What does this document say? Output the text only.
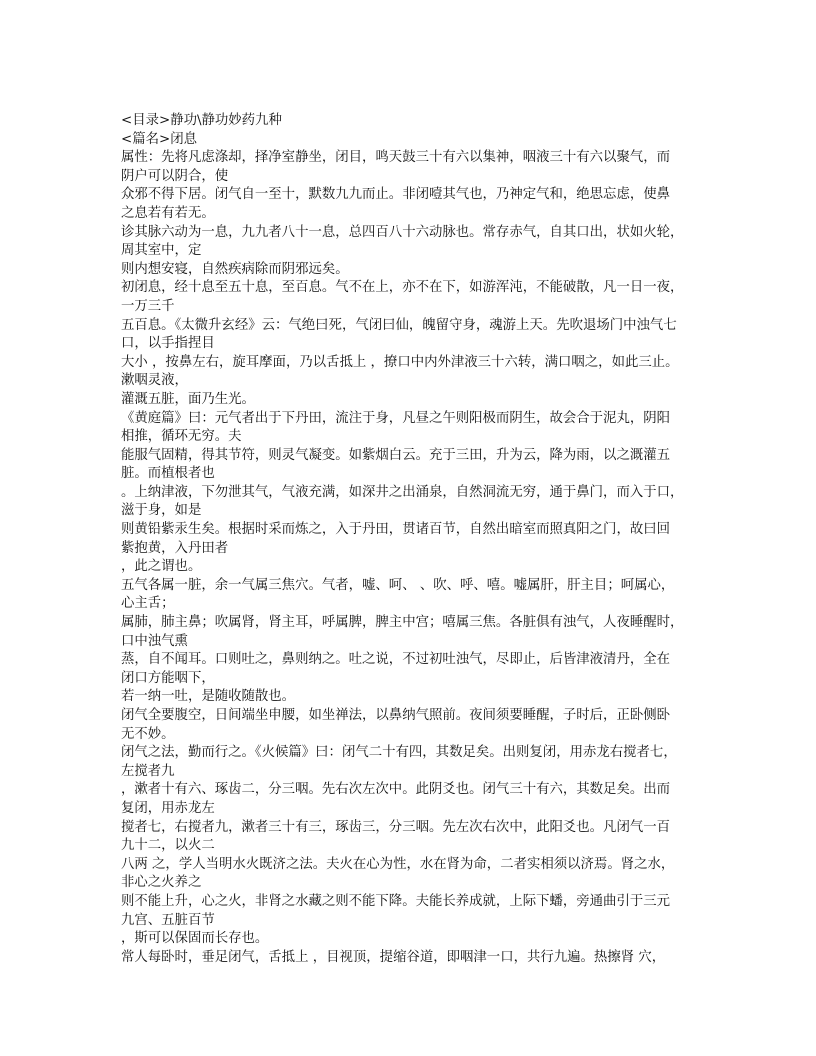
<目录>静功\静功妙药九种
<篇名>闭息
属性：先将凡虑涤却，择净室静坐，闭目，鸣天鼓三十有六以集神，咽液三十有六以聚气，而
阴户可以阴合，使
众邪不得下居。闭气自一至十，默数九九而止。非闭噎其气也，乃神定气和，绝思忘虑，使鼻
之息若有若无。
诊其脉六动为一息，九九者八十一息，总四百八十六动脉也。常存赤气，自其口出，状如火轮，
周其室中，定
则内想安寝，自然疾病除而阴邪远矣。
初闭息，经十息至五十息，至百息。气不在上，亦不在下，如游浑沌，不能破散，凡一日一夜，
一万三千
五百息。《太微升玄经》云：气绝曰死，气闭曰仙，魄留守身，魂游上天。先吹退场门中浊气七
口，以手指捏目
大小 ，按鼻左右，旋耳摩面，乃以舌抵上 ，撩口中内外津液三十六转，满口咽之，如此三止。
漱咽灵液，
灌溉五脏，面乃生光。
《黄庭篇》曰：元气者出于下丹田，流注于身，凡昼之午则阳极而阴生，故会合于泥丸，阴阳
相推，循环无穷。夫
能服气固精，得其节符，则灵气凝变。如紫烟白云。充于三田，升为云，降为雨，以之溉灌五
脏。而植根者也
。上纳津液，下勿泄其气，气液充满，如深井之出涌泉，自然洞流无穷，通于鼻门，而入于口，
滋于身，如是
则黄铅紫汞生矣。根据时采而炼之，入于丹田，贯诸百节，自然出暗室而照真阳之门，故曰回
紫抱黄，入丹田者
，此之谓也。
五气各属一脏，余一气属三焦穴。气者，嘘、呵、 、吹、呼、嘻。嘘属肝，肝主目；呵属心，
心主舌；
属肺，肺主鼻；吹属肾，肾主耳，呼属脾，脾主中宫；嘻属三焦。各脏俱有浊气，人夜睡醒时，
口中浊气熏
蒸，自不闻耳。口则吐之，鼻则纳之。吐之说，不过初吐浊气，尽即止，后皆津液清丹，全在
闭口方能咽下，
若一纳一吐，是随收随散也。
闭气全要腹空，日间端坐申腰，如坐禅法，以鼻纳气照前。夜间须要睡醒，子时后，正卧侧卧
无不妙。
闭气之法，勤而行之。《火候篇》曰：闭气二十有四，其数足矣。出则复闭，用赤龙右搅者七，
左搅者九
，漱者十有六、琢齿二，分三咽。先右次左次中。此阴爻也。闭气三十有六，其数足矣。出而
复闭，用赤龙左
搅者七，右搅者九，漱者三十有三，琢齿三，分三咽。先左次右次中，此阳爻也。凡闭气一百
九十二，以火二
八两 之，学人当明水火既济之法。夫火在心为性，水在肾为命，二者实相须以济焉。肾之水，
非心之火养之
则不能上升，心之火，非肾之水藏之则不能下降。夫能长养成就，上际下蟠，旁通曲引于三元
九宫、五脏百节
，斯可以保固而长存也。
常人每卧时，垂足闭气，舌抵上 ，目视顶，提缩谷道，即咽津一口，共行九遍。热擦肾 穴，
